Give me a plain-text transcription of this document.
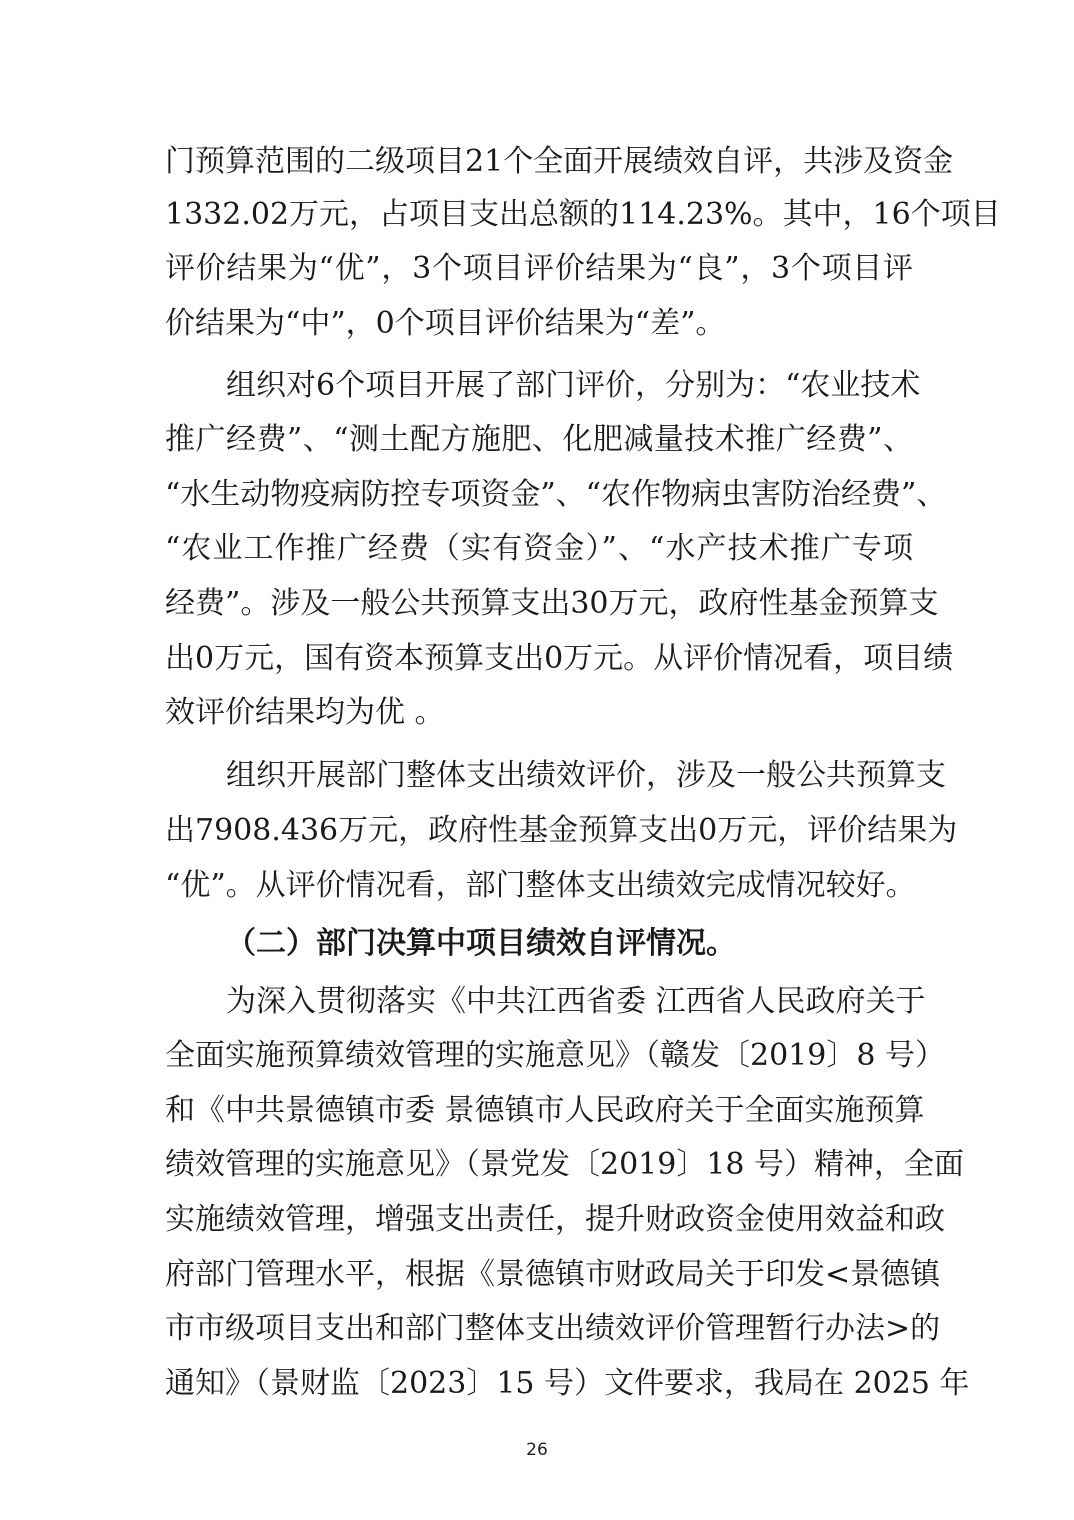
门预算范围的二级项目21个全面开展绩效自评，共涉及资金
1332.02万元，占项目支出总额的114.23%。其中，16个项目
评价结果为“优”，3个项目评价结果为“良”，3个项目评
价结果为“中”，0个项目评价结果为“差”。
组织对6个项目开展了部门评价，分别为：“农业技术
推广经费”、“测土配方施肥、化肥减量技术推广经费”、
“水生动物疫病防控专项资金”、“农作物病虫害防治经费”、
“农业工作推广经费（实有资金）”、“水产技术推广专项
经费”。涉及一般公共预算支出30万元，政府性基金预算支
出0万元，国有资本预算支出0万元。从评价情况看，项目绩
效评价结果均为优 。
组织开展部门整体支出绩效评价，涉及一般公共预算支
出7908.436万元，政府性基金预算支出0万元，评价结果为
“优”。从评价情况看，部门整体支出绩效完成情况较好。
（二）部门决算中项目绩效自评情况。
为深入贯彻落实《中共江西省委 江西省人民政府关于
全面实施预算绩效管理的实施意见》（赣发〔2019〕8 号）
和《中共景德镇市委 景德镇市人民政府关于全面实施预算
绩效管理的实施意见》（景党发〔2019〕18 号）精神，全面
实施绩效管理，增强支出责任，提升财政资金使用效益和政
府部门管理水平，根据《景德镇市财政局关于印发<景德镇
市市级项目支出和部门整体支出绩效评价管理暂行办法>的
通知》（景财监〔2023〕15 号）文件要求，我局在 2025 年
26
